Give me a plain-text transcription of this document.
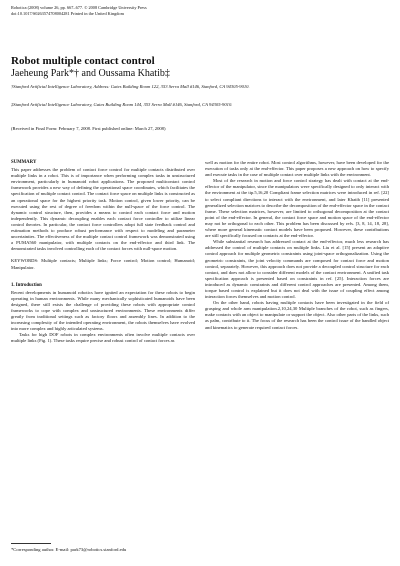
Robotica (2008) volume 26, pp. 667–677. © 2008 Cambridge University Press
doi:10.1017/S0263574708004281 Printed in the United Kingdom
Robot multiple contact control
Jaeheung Park*† and Oussama Khatib‡
†Stanford Artificial Intelligence Laboratory, Address: Gates Building Room 122, 353 Serra Mall #146, Stanford, CA 94305-9010.
‡Stanford Artificial Intelligence Laboratory, Gates Building Room 144, 353 Serra Mall #146, Stanford, CA 94305-9010.
(Received in Final Form: February 7, 2008. First published online: March 27, 2008)
SUMMARY

This paper addresses the problem of contact force control for multiple contacts distributed over multiple links in a robot. This is of importance when performing complex tasks in unstructured environment, particularly in humanoid robot applications. The proposed multicontact control framework provides a new way of defining the operational space coordinates, which facilitates the specification of multiple contact control. The contact force space on multiple links is constructed as an operational space for the highest priority task. Motion control, given lower priority, can be executed using the rest of degree of freedom within the null-space of the force control. The dynamic control structure, then, provides a means to control each contact force and motion independently. This dynamic decoupling enables each contact force controller to utilize linear control theories. In particular, the contact force controllers adopt full state feedback control and estimation methods to produce robust performance with respect to modeling and parameter uncertainties. The effectiveness of the multiple contact control framework was demonstrated using a PUMA560 manipulator, with multiple contacts on the end-effector and third link. The demonstrated tasks involved controlling each of the contact forces with null-space motion.

KEYWORDS: Multiple contacts; Multiple links; Force control; Motion control; Humanoid; Manipulator.

1. Introduction

Recent developments in humanoid robotics have ignited an expectation for these robots to begin operating in human environments. While many mechanically sophisticated humanoids have been designed, there still exists the challenge of providing these robots with appropriate control frameworks to cope with complex and unstructured environments. These environments differ greatly from traditional settings such as factory floors and assembly lines. In addition to the increasing complexity of the intended operating environment, the robots themselves have evolved into more complex and highly articulated systems.

Tasks for high DOF robots in complex environments often involve multiple contacts over multiple links (Fig. 1). These tasks require precise and robust control of contact forces as

well as motion for the entire robot. Most control algorithms, however, have been developed for the execution of tasks only at the end-effector. This paper proposes a new approach on how to specify and execute tasks in the case of multiple contact over multiple links with the environment.

Most of the research in motion and force control strategy has dealt with contact at the end-effector of the manipulator, since the manipulators were specifically designed to only interact with the environment at the tip.5,16,20 Compliant frame selection matrices were introduced in ref. [22] to select compliant directions to interact with the environment, and later Khatib [11] presented generalized selection matrices to describe the decomposition of the end-effector space in the contact frame. These selection matrices, however, are limited to orthogonal decomposition at the contact point of the end-effector. In general, the contact force space and motion space of the end-effector may not be orthogonal to each other. This problem has been discussed by refs. [3, 8, 14, 18, 28], where more general kinematic contact models have been proposed. However, these contributions are still specifically focused on contacts at the end-effector.

While substantial research has addressed contact at the end-effector, much less research has addressed the control of multiple contacts on multiple links. Liu et al. [15] present an adaptive control approach for multiple geometric constraints using joint-space orthogonalization. Using the geometric constraints, the joint velocity commands are composed for contact force and motion control, separately. However, this approach does not provide a decoupled control structure for each contact, and does not allow to consider different models of the contact environment. A unified task specification approach is presented based on constraints in ref. [25]. Interaction forces are introduced as dynamic constraints and different control approaches are presented. Among them, torque based control is explained but it does not deal with the issue of coupling effect among interaction forces themselves and motion control.

On the other hand, robots having multiple contacts have been investigated in the field of grasping and whole arm manipulation.2,10,24,30 Multiple branches of the robot, such as fingers, make contacts with an object to manipulate or support the object. Also other parts of the links, such as palm, contribute to it. The focus of the research has been the control issue of the handled object and kinematics to generate required contact forces.

*Corresponding author. E-mail: park73@robotics.stanford.edu
